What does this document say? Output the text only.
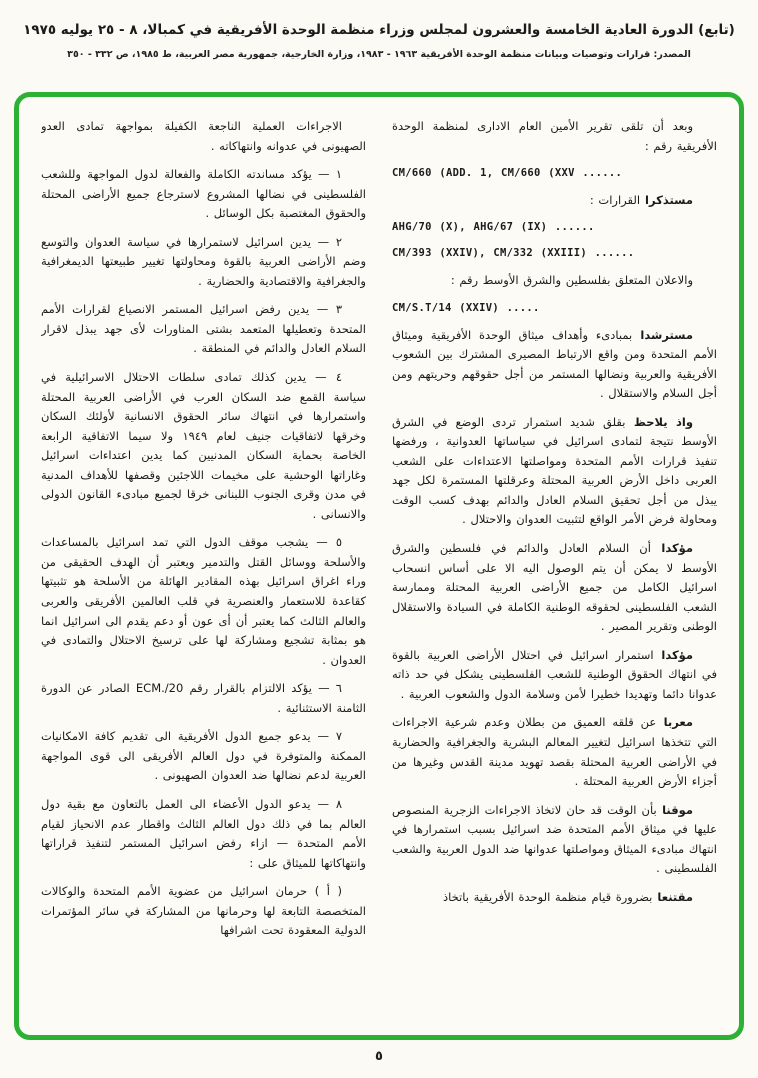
(تابع) الدورة العادية الخامسة والعشرون لمجلس وزراء منظمة الوحدة الأفريقية في كمبالا، ٨ - ٢٥ يوليه ١٩٧٥
المصدر: قرارات وتوصيات وبيانات منظمة الوحدة الأفريقية ١٩٦٣ - ١٩٨٣، وزارة الخارجية، جمهورية مصر العربية، ط ١٩٨٥، ص ٣٣٢ - ٣٥٠

وبعد أن تلقى تقرير الأمين العام الادارى لمنظمة الوحدة الأفريقية رقم :

CM/660 (ADD. 1, CM/660 (XXV ......

مستذكرا القرارات :

AHG/70 (X), AHG/67 (IX) ......

CM/393 (XXIV), CM/332 (XXIII) ......

والاعلان المتعلق بفلسطين والشرق الأوسط رقم :

CM/S.T/14 (XXIV) .....

مسترشدا بمبادىء وأهداف ميثاق الوحدة الأفريقية وميثاق الأمم المتحدة ومن واقع الارتباط المصيرى المشترك بين الشعوب الأفريقية والعربية ونضالها المستمر من أجل حقوقهم وحريتهم ومن أجل السلام والاستقلال .

واذ يلاحظ بقلق شديد استمرار تردى الوضع في الشرق الأوسط نتيجة لتمادى اسرائيل في سياساتها العدوانية ، ورفضها تنفيذ قرارات الأمم المتحدة ومواصلتها الاعتداءات على الشعب العربى داخل الأرض العربية المحتلة وعرقلتها المستمرة لكل جهد يبذل من أجل تحقيق السلام العادل والدائم بهدف كسب الوقت ومحاولة فرض الأمر الواقع لتثبيت العدوان والاحتلال .

مؤكدا أن السلام العادل والدائم في فلسطين والشرق الأوسط لا يمكن أن يتم الوصول اليه الا على أساس انسحاب اسرائيل الكامل من جميع الأراضى العربية المحتلة وممارسة الشعب الفلسطينى لحقوقه الوطنية الكاملة في السيادة والاستقلال الوطنى وتقرير المصير .

مؤكدا استمرار اسرائيل في احتلال الأراضى العربية بالقوة في انتهاك الحقوق الوطنية للشعب الفلسطينى يشكل في حد ذاته عدوانا دائما وتهديدا خطيرا لأمن وسلامة الدول والشعوب العربية .

معربا عن قلقه العميق من بطلان وعدم شرعية الاجراءات التي تتخذها اسرائيل لتغيير المعالم البشرية والجغرافية والحضارية في الأراضى العربية المحتلة بقصد تهويد مدينة القدس وغيرها من أجزاء الأرض العربية المحتلة .

موقنا بأن الوقت قد حان لاتخاذ الاجراءات الزجرية المنصوص عليها في ميثاق الأمم المتحدة ضد اسرائيل بسبب استمرارها في انتهاك مبادىء الميثاق ومواصلتها عدوانها ضد الدول العربية والشعب الفلسطينى .

مقتنعا بضرورة قيام منظمة الوحدة الأفريقية باتخاذ

الاجراءات العملية الناجعة الكفيلة بمواجهة تمادى العدو الصهيونى في عدوانه وانتهاكاته .

١ — يؤكد مساندته الكاملة والفعالة لدول المواجهة وللشعب الفلسطينى في نضالها المشروع لاسترجاع جميع الأراضى المحتلة والحقوق المغتصبة بكل الوسائل .

٢ — يدين اسرائيل لاستمرارها في سياسة العدوان والتوسع وضم الأراضى العربية بالقوة ومحاولتها تغيير طبيعتها الديمغرافية والجغرافية والاقتصادية والحضارية .

٣ — يدين رفض اسرائيل المستمر الانصياع لقرارات الأمم المتحدة وتعطيلها المتعمد بشتى المناورات لأى جهد يبذل لاقرار السلام العادل والدائم في المنطقة .

٤ — يدين كذلك تمادى سلطات الاحتلال الاسرائيلية في سياسة القمع ضد السكان العرب في الأراضى العربية المحتلة واستمرارها في انتهاك سائر الحقوق الانسانية لأولئك السكان وخرقها لاتفاقيات جنيف لعام ١٩٤٩ ولا سيما الاتفاقية الرابعة الخاصة بحماية السكان المدنيين كما يدين اعتداءات اسرائيل وغاراتها الوحشية على مخيمات اللاجئين وقصفها للأهداف المدنية في مدن وقرى الجنوب اللبنانى خرقا لجميع مبادىء القانون الدولى والانسانى .

٥ — يشجب موقف الدول التي تمد اسرائيل بالمساعدات والأسلحة ووسائل القتل والتدمير ويعتبر أن الهدف الحقيقى من وراء اغراق اسرائيل بهذه المقادير الهائلة من الأسلحة هو تثبيتها كقاعدة للاستعمار والعنصرية في قلب العالمين الأفريقى والعربى والعالم الثالث كما يعتبر أن أى عون أو دعم يقدم الى اسرائيل انما هو بمثابة تشجيع ومشاركة لها على ترسيخ الاحتلال والتمادى في العدوان .

٦ — يؤكد الالتزام بالقرار رقم ECM./20 الصادر عن الدورة الثامنة الاستثنائية .

٧ — يدعو جميع الدول الأفريقية الى تقديم كافة الامكانيات الممكنة والمتوفرة في دول العالم الأفريقى الى قوى المواجهة العربية لدعم نضالها ضد العدوان الصهيونى .

٨ — يدعو الدول الأعضاء الى العمل بالتعاون مع بقية دول العالم بما في ذلك دول العالم الثالث واقطار عدم الانحياز لقيام الأمم المتحدة — ازاء رفض اسرائيل المستمر لتنفيذ قراراتها وانتهاكاتها للميثاق على :

( أ ) حرمان اسرائيل من عضوية الأمم المتحدة والوكالات المتخصصة التابعة لها وحرمانها من المشاركة في سائر المؤتمرات الدولية المعقودة تحت اشرافها

٥
